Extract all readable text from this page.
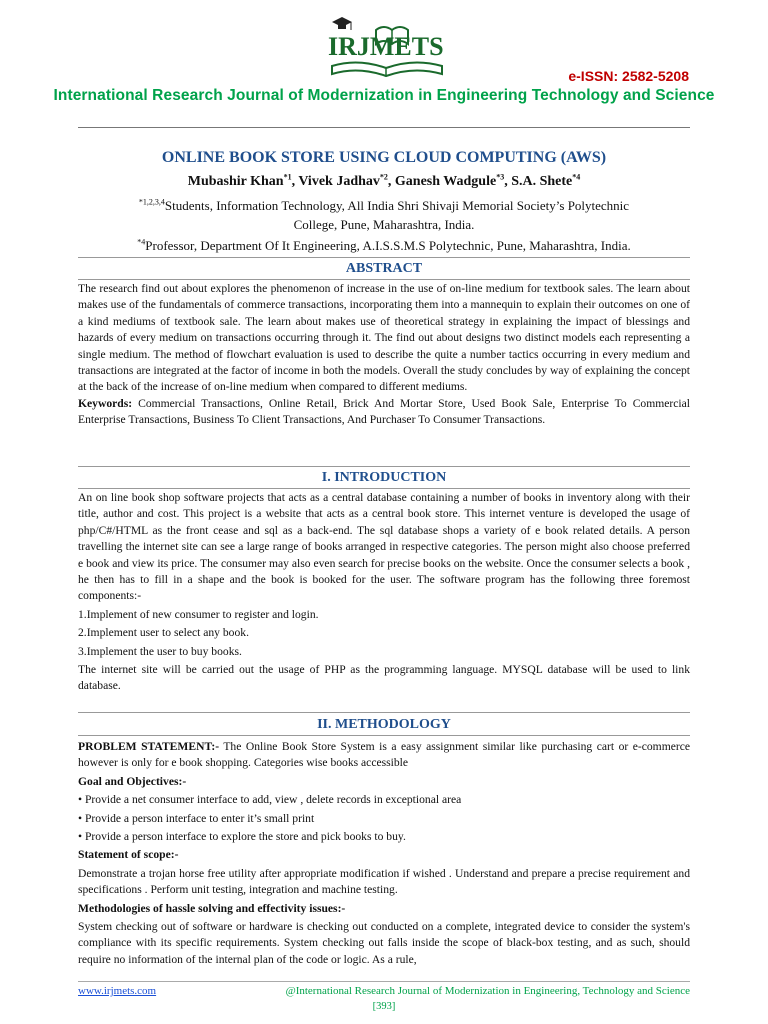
IRJMETS
e-ISSN: 2582-5208
International Research Journal of Modernization in Engineering Technology and Science
ONLINE BOOK STORE USING CLOUD COMPUTING (AWS)
Mubashir Khan$^{*1}$, Vivek Jadhav$^{*2}$, Ganesh Wadgule$^{*3}$, S.A. Shete$^{*4}$
$^{*1,2,3,4}$Students, Information Technology, All India Shri Shivaji Memorial Society’s Polytechnic
College, Pune, Maharashtra, India.
$^{*4}$Professor, Department Of It Engineering, A.I.S.S.M.S Polytechnic, Pune, Maharashtra, India.
ABSTRACT

The research find out about explores the phenomenon of increase in the use of on-line medium for textbook sales. The learn about makes use of the fundamentals of commerce transactions, incorporating them into a mannequin to explain their outcomes on one of a kind mediums of textbook sale. The learn about makes use of theoretical strategy in explaining the impact of blessings and hazards of every medium on transactions occurring through it. The find out about designs two distinct models each representing a single medium. The method of flowchart evaluation is used to describe the quite a number tactics occurring in every medium and transactions are integrated at the factor of income in both the models. Overall the study concludes by way of explaining the concept at the back of the increase of on-line medium when compared to different mediums.

Keywords: Commercial Transactions, Online Retail, Brick And Mortar Store, Used Book Sale, Enterprise To Commercial Enterprise Transactions, Business To Client Transactions, And Purchaser To Consumer Transactions.

I. INTRODUCTION

An on line book shop software projects that acts as a central database containing a number of books in inventory along with their title, author and cost. This project is a website that acts as a central book store. This internet venture is developed the usage of php/C#/HTML as the front cease and sql as a back-end. The sql database shops a variety of e book related details. A person travelling the internet site can see a large range of books arranged in respective categories. The person might also choose preferred e book and view its price. The consumer may also even search for precise books on the website. Once the consumer selects a book , he then has to fill in a shape and the book is booked for the user. The software program has the following three foremost components:-

1.Implement of new consumer to register and login.

2.Implement user to select any book.

3.Implement the user to buy books.

The internet site will be carried out the usage of PHP as the programming language. MYSQL database will be used to link database.

II. METHODOLOGY

PROBLEM STATEMENT:- The Online Book Store System is a easy assignment similar like purchasing cart or e-commerce however is only for e book shopping. Categories wise books accessible

Goal and Objectives:-

• Provide a net consumer interface to add, view , delete records in exceptional area

• Provide a person interface to enter it’s small print

• Provide a person interface to explore the store and pick books to buy.

Statement of scope:-

Demonstrate a trojan horse free utility after appropriate modification if wished . Understand and prepare a precise requirement and specifications . Perform unit testing, integration and machine testing.

Methodologies of hassle solving and effectivity issues:-

System checking out of software or hardware is checking out conducted on a complete, integrated device to consider the system's compliance with its specific requirements. System checking out falls inside the scope of black-box testing, and as such, should require no information of the internal plan of the code or logic. As a rule,

www.irjmets.com	@International Research Journal of Modernization in Engineering, Technology and Science
[393]
